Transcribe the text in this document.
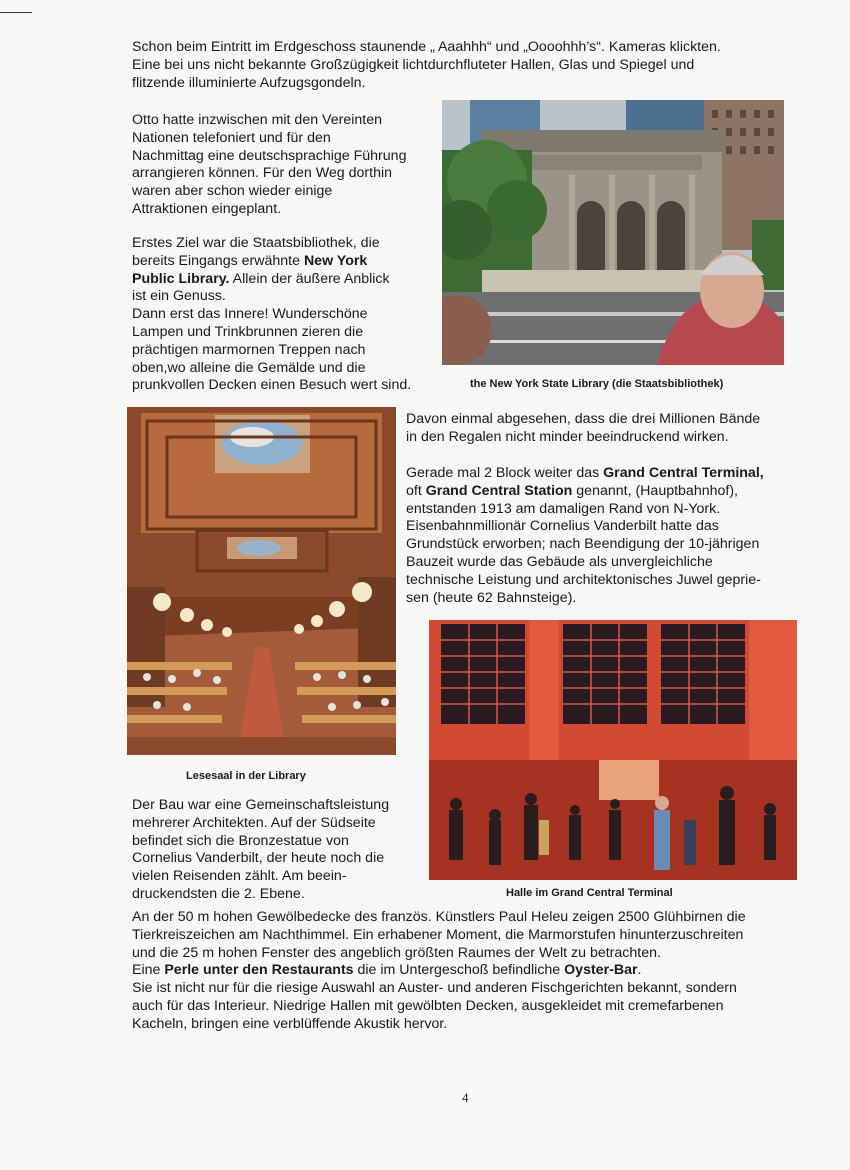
Schon beim Eintritt im Erdgeschoss staunende „ Aaahhh“ und „Oooohhh’s“. Kameras klickten.

Eine bei uns nicht bekannte Großzügigkeit lichtdurchfluteter Hallen, Glas und Spiegel und

flitzende illuminierte Aufzugsgondeln.

Otto hatte inzwischen mit den Vereinten

Nationen telefoniert und für den

Nachmittag eine deutschsprachige Führung

arrangieren können. Für den Weg dorthin

waren aber schon wieder einige

Attraktionen eingeplant.

Erstes Ziel war die Staatsbibliothek, die

bereits Eingangs erwähnte New York

Public Library. Allein der äußere Anblick

ist ein Genuss.

Dann erst das Innere! Wunderschöne

Lampen und Trinkbrunnen zieren die

prächtigen marmornen Treppen nach

oben,wo alleine die Gemälde und die

prunkvollen Decken einen Besuch wert sind.	the New York State Library (die Staatsbibliothek)

Davon einmal abgesehen, dass die drei Millionen Bände

in den Regalen nicht minder beeindruckend wirken.

Gerade mal 2 Block weiter das Grand Central Terminal,

oft Grand Central Station genannt, (Hauptbahnhof),

entstanden 1913 am damaligen Rand von N-York.

Eisenbahnmillionär Cornelius Vanderbilt hatte das

Grundstück erworben; nach Beendigung der 10-jährigen

Bauzeit wurde das Gebäude als unvergleichliche

technische Leistung und architektonisches Juwel geprie-

sen (heute 62 Bahnsteige).

Lesesaal in der Library

Der Bau war eine Gemeinschaftsleistung

mehrerer Architekten. Auf der Südseite

befindet sich die Bronzestatue von

Cornelius Vanderbilt, der heute noch die

vielen Reisenden zählt. Am beein-

druckendsten die 2. Ebene.	Halle im Grand Central Terminal

An der 50 m hohen Gewölbedecke des französ. Künstlers Paul Heleu zeigen 2500 Glühbirnen die

Tierkreiszeichen am Nachthimmel. Ein erhabener Moment, die Marmorstufen hinunterzuschreiten

und die 25 m hohen Fenster des angeblich größten Raumes der Welt zu betrachten.

Eine Perle unter den Restaurants die im Untergeschoß befindliche Oyster-Bar.

Sie ist nicht nur für die riesige Auswahl an Auster- und anderen Fischgerichten bekannt, sondern

auch für das Interieur. Niedrige Hallen mit gewölbten Decken, ausgekleidet mit cremefarbenen

Kacheln, bringen eine verblüffende Akustik hervor.

4
